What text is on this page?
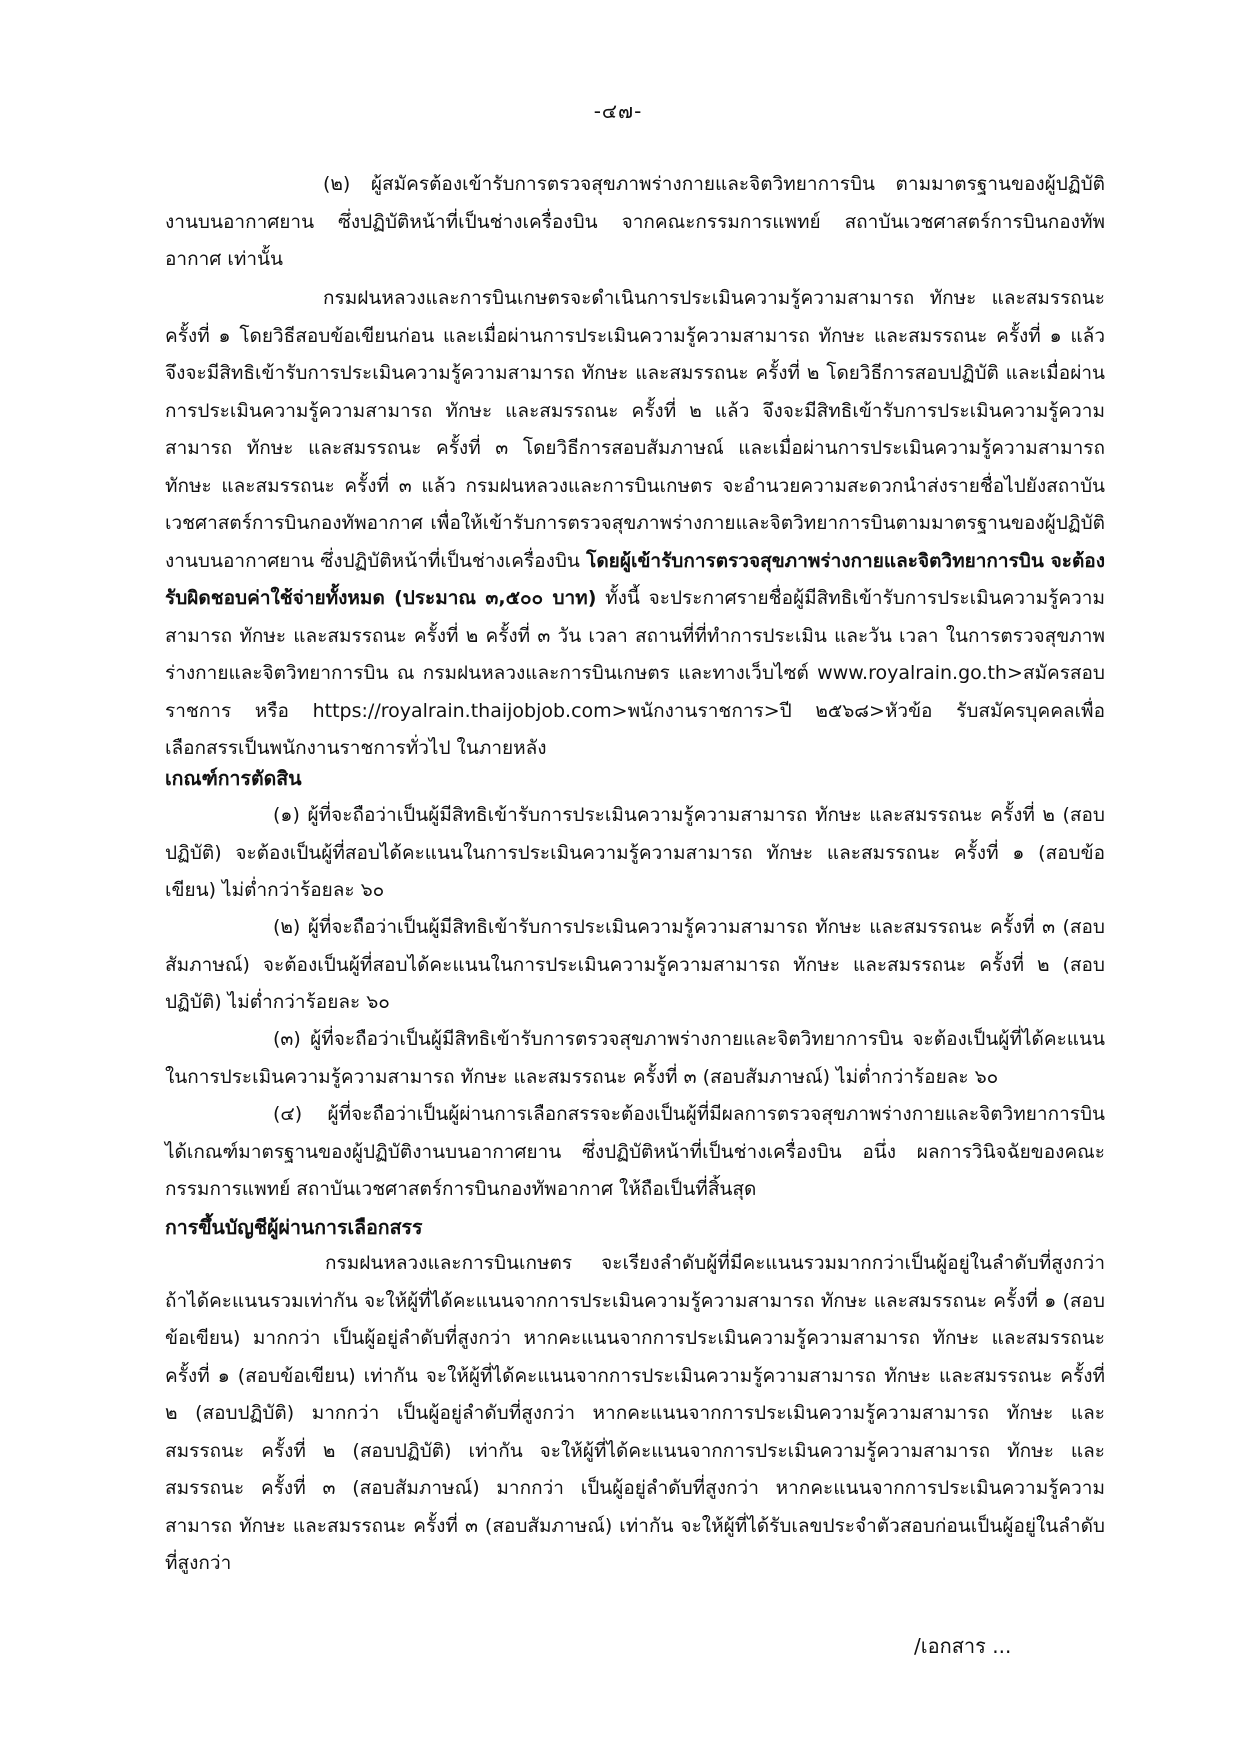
-๔๗-

(๒) ผู้สมัครต้องเข้ารับการตรวจสุขภาพร่างกายและจิตวิทยาการบิน ตามมาตรฐานของผู้ปฏิบัติงานบนอากาศยาน ซึ่งปฏิบัติหน้าที่เป็นช่างเครื่องบิน จากคณะกรรมการแพทย์ สถาบันเวชศาสตร์การบินกองทัพอากาศ เท่านั้น

กรมฝนหลวงและการบินเกษตรจะดำเนินการประเมินความรู้ความสามารถ ทักษะ และสมรรถนะ ครั้งที่ ๑ โดยวิธีสอบข้อเขียนก่อน และเมื่อผ่านการประเมินความรู้ความสามารถ ทักษะ และสมรรถนะ ครั้งที่ ๑ แล้ว จึงจะมีสิทธิเข้ารับการประเมินความรู้ความสามารถ ทักษะ และสมรรถนะ ครั้งที่ ๒ โดยวิธีการสอบปฏิบัติ และเมื่อผ่านการประเมินความรู้ความสามารถ ทักษะ และสมรรถนะ ครั้งที่ ๒ แล้ว จึงจะมีสิทธิเข้ารับการประเมินความรู้ความสามารถ ทักษะ และสมรรถนะ ครั้งที่ ๓ โดยวิธีการสอบสัมภาษณ์ และเมื่อผ่านการประเมินความรู้ความสามารถ ทักษะ และสมรรถนะ ครั้งที่ ๓ แล้ว กรมฝนหลวงและการบินเกษตร จะอำนวยความสะดวกนำส่งรายชื่อไปยังสถาบันเวชศาสตร์การบินกองทัพอากาศ เพื่อให้เข้ารับการตรวจสุขภาพร่างกายและจิตวิทยาการบินตามมาตรฐานของผู้ปฏิบัติงานบนอากาศยาน ซึ่งปฏิบัติหน้าที่เป็นช่างเครื่องบิน โดยผู้เข้ารับการตรวจสุขภาพร่างกายและจิตวิทยาการบิน จะต้องรับผิดชอบค่าใช้จ่ายทั้งหมด (ประมาณ ๓,๕๐๐ บาท) ทั้งนี้ จะประกาศรายชื่อผู้มีสิทธิเข้ารับการประเมินความรู้ความสามารถ ทักษะ และสมรรถนะ ครั้งที่ ๒ ครั้งที่ ๓ วัน เวลา สถานที่ที่ทำการประเมิน และวัน เวลา ในการตรวจสุขภาพร่างกายและจิตวิทยาการบิน ณ กรมฝนหลวงและการบินเกษตร และทางเว็บไซต์ www.royalrain.go.th>สมัครสอบราชการ หรือ https://royalrain.thaijobjob.com>พนักงานราชการ>ปี ๒๕๖๘>หัวข้อ รับสมัครบุคคลเพื่อเลือกสรรเป็นพนักงานราชการทั่วไป ในภายหลัง

เกณฑ์การตัดสิน

(๑) ผู้ที่จะถือว่าเป็นผู้มีสิทธิเข้ารับการประเมินความรู้ความสามารถ ทักษะ และสมรรถนะ ครั้งที่ ๒ (สอบปฏิบัติ) จะต้องเป็นผู้ที่สอบได้คะแนนในการประเมินความรู้ความสามารถ ทักษะ และสมรรถนะ ครั้งที่ ๑ (สอบข้อเขียน) ไม่ต่ำกว่าร้อยละ ๖๐

(๒) ผู้ที่จะถือว่าเป็นผู้มีสิทธิเข้ารับการประเมินความรู้ความสามารถ ทักษะ และสมรรถนะ ครั้งที่ ๓ (สอบสัมภาษณ์) จะต้องเป็นผู้ที่สอบได้คะแนนในการประเมินความรู้ความสามารถ ทักษะ และสมรรถนะ ครั้งที่ ๒ (สอบปฏิบัติ) ไม่ต่ำกว่าร้อยละ ๖๐

(๓) ผู้ที่จะถือว่าเป็นผู้มีสิทธิเข้ารับการตรวจสุขภาพร่างกายและจิตวิทยาการบิน จะต้องเป็นผู้ที่ได้คะแนนในการประเมินความรู้ความสามารถ ทักษะ และสมรรถนะ ครั้งที่ ๓ (สอบสัมภาษณ์) ไม่ต่ำกว่าร้อยละ ๖๐

(๔) ผู้ที่จะถือว่าเป็นผู้ผ่านการเลือกสรรจะต้องเป็นผู้ที่มีผลการตรวจสุขภาพร่างกายและจิตวิทยาการบินได้เกณฑ์มาตรฐานของผู้ปฏิบัติงานบนอากาศยาน ซึ่งปฏิบัติหน้าที่เป็นช่างเครื่องบิน อนึ่ง ผลการวินิจฉัยของคณะกรรมการแพทย์ สถาบันเวชศาสตร์การบินกองทัพอากาศ ให้ถือเป็นที่สิ้นสุด

การขึ้นบัญชีผู้ผ่านการเลือกสรร

กรมฝนหลวงและการบินเกษตร จะเรียงลำดับผู้ที่มีคะแนนรวมมากกว่าเป็นผู้อยู่ในลำดับที่สูงกว่า ถ้าได้คะแนนรวมเท่ากัน จะให้ผู้ที่ได้คะแนนจากการประเมินความรู้ความสามารถ ทักษะ และสมรรถนะ ครั้งที่ ๑ (สอบข้อเขียน) มากกว่า เป็นผู้อยู่ลำดับที่สูงกว่า หากคะแนนจากการประเมินความรู้ความสามารถ ทักษะ และสมรรถนะ ครั้งที่ ๑ (สอบข้อเขียน) เท่ากัน จะให้ผู้ที่ได้คะแนนจากการประเมินความรู้ความสามารถ ทักษะ และสมรรถนะ ครั้งที่ ๒ (สอบปฏิบัติ) มากกว่า เป็นผู้อยู่ลำดับที่สูงกว่า หากคะแนนจากการประเมินความรู้ความสามารถ ทักษะ และสมรรถนะ ครั้งที่ ๒ (สอบปฏิบัติ) เท่ากัน จะให้ผู้ที่ได้คะแนนจากการประเมินความรู้ความสามารถ ทักษะ และสมรรถนะ ครั้งที่ ๓ (สอบสัมภาษณ์) มากกว่า เป็นผู้อยู่ลำดับที่สูงกว่า หากคะแนนจากการประเมินความรู้ความสามารถ ทักษะ และสมรรถนะ ครั้งที่ ๓ (สอบสัมภาษณ์) เท่ากัน จะให้ผู้ที่ได้รับเลขประจำตัวสอบก่อนเป็นผู้อยู่ในลำดับที่สูงกว่า

/เอกสาร ...
